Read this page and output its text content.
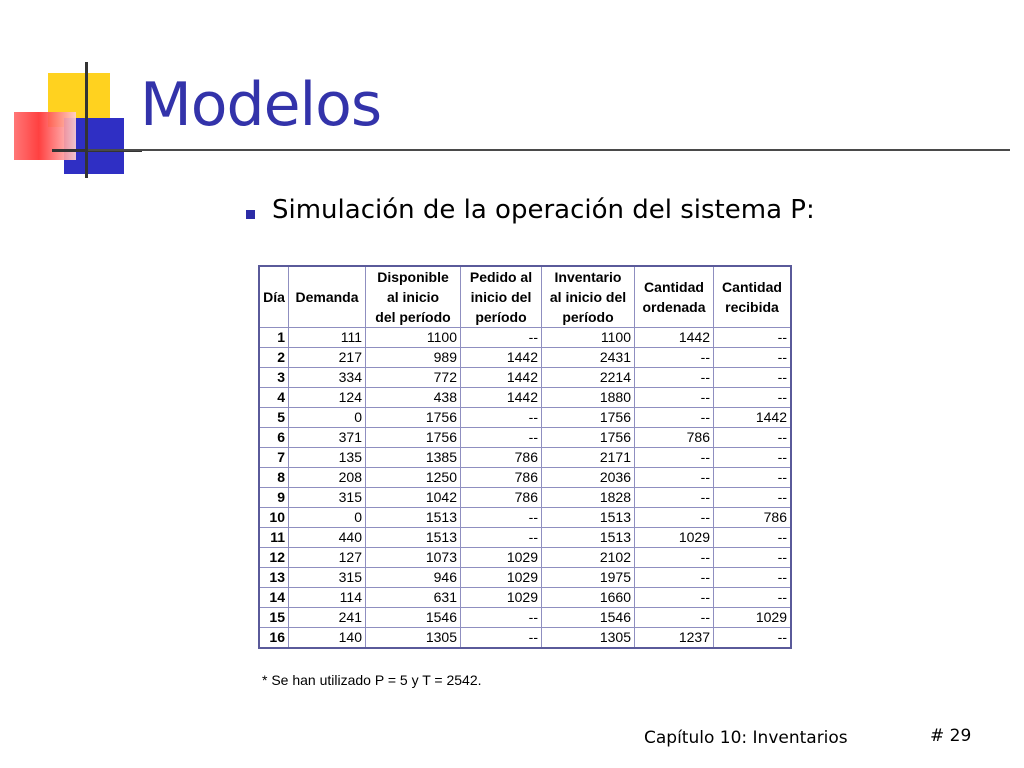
Modelos
Simulación de la operación del sistema P:
Día	Demanda	Disponible
al inicio
del período	Pedido al
inicio del
período	Inventario
al inicio del
período	Cantidad
ordenada	Cantidad
recibida
1	111	1100	--	1100	1442	--
2	217	989	1442	2431	--	--
3	334	772	1442	2214	--	--
4	124	438	1442	1880	--	--
5	0	1756	--	1756	--	1442
6	371	1756	--	1756	786	--
7	135	1385	786	2171	--	--
8	208	1250	786	2036	--	--
9	315	1042	786	1828	--	--
10	0	1513	--	1513	--	786
11	440	1513	--	1513	1029	--
12	127	1073	1029	2102	--	--
13	315	946	1029	1975	--	--
14	114	631	1029	1660	--	--
15	241	1546	--	1546	--	1029
16	140	1305	--	1305	1237	--
* Se han utilizado P = 5 y T = 2542.
Capítulo 10: Inventarios	# 29
